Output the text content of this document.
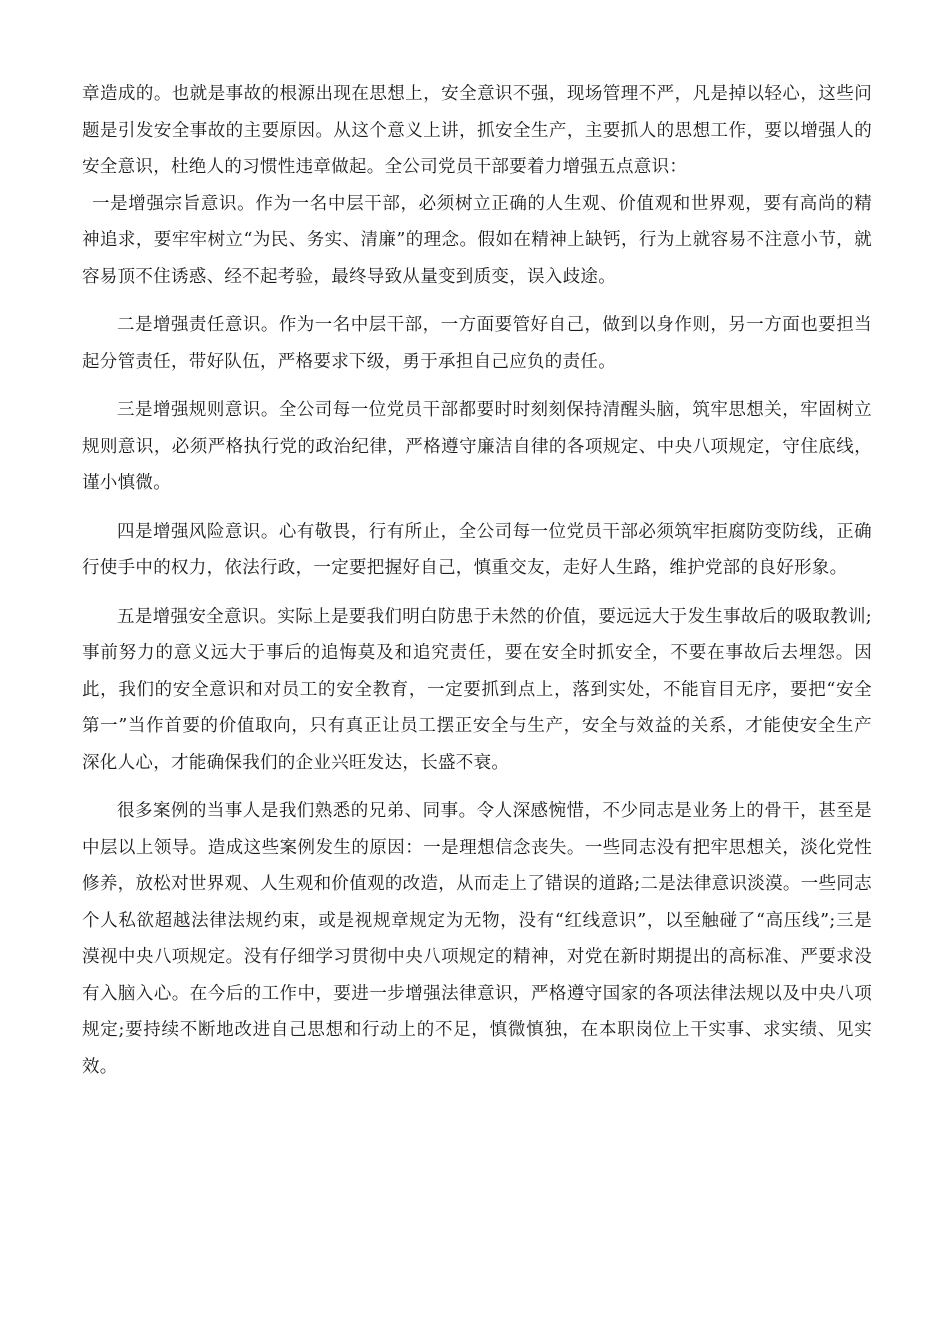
章造成的。也就是事故的根源出现在思想上，安全意识不强，现场管理不严，凡是掉以轻心，这些问题是引发安全事故的主要原因。从这个意义上讲，抓安全生产，主要抓人的思想工作，要以增强人的安全意识，杜绝人的习惯性违章做起。全公司党员干部要着力增强五点意识：

一是增强宗旨意识。作为一名中层干部，必须树立正确的人生观、价值观和世界观，要有高尚的精神追求，要牢牢树立“为民、务实、清廉”的理念。假如在精神上缺钙，行为上就容易不注意小节，就容易顶不住诱惑、经不起考验，最终导致从量变到质变，误入歧途。

二是增强责任意识。作为一名中层干部，一方面要管好自己，做到以身作则，另一方面也要担当起分管责任，带好队伍，严格要求下级，勇于承担自己应负的责任。

三是增强规则意识。全公司每一位党员干部都要时时刻刻保持清醒头脑，筑牢思想关，牢固树立规则意识，必须严格执行党的政治纪律，严格遵守廉洁自律的各项规定、中央八项规定，守住底线，谨小慎微。

四是增强风险意识。心有敬畏，行有所止，全公司每一位党员干部必须筑牢拒腐防变防线，正确行使手中的权力，依法行政，一定要把握好自己，慎重交友，走好人生路，维护党部的良好形象。

五是增强安全意识。实际上是要我们明白防患于未然的价值，要远远大于发生事故后的吸取教训;事前努力的意义远大于事后的追悔莫及和追究责任，要在安全时抓安全，不要在事故后去埋怨。因此，我们的安全意识和对员工的安全教育，一定要抓到点上，落到实处，不能盲目无序，要把“安全第一”当作首要的价值取向，只有真正让员工摆正安全与生产，安全与效益的关系，才能使安全生产深化人心，才能确保我们的企业兴旺发达，长盛不衰。

很多案例的当事人是我们熟悉的兄弟、同事。令人深感惋惜，不少同志是业务上的骨干，甚至是中层以上领导。造成这些案例发生的原因：一是理想信念丧失。一些同志没有把牢思想关，淡化党性修养，放松对世界观、人生观和价值观的改造，从而走上了错误的道路;二是法律意识淡漠。一些同志个人私欲超越法律法规约束，或是视规章规定为无物，没有“红线意识”，以至触碰了“高压线”;三是漠视中央八项规定。没有仔细学习贯彻中央八项规定的精神，对党在新时期提出的高标准、严要求没有入脑入心。在今后的工作中，要进一步增强法律意识，严格遵守国家的各项法律法规以及中央八项规定;要持续不断地改进自己思想和行动上的不足，慎微慎独，在本职岗位上干实事、求实绩、见实效。
